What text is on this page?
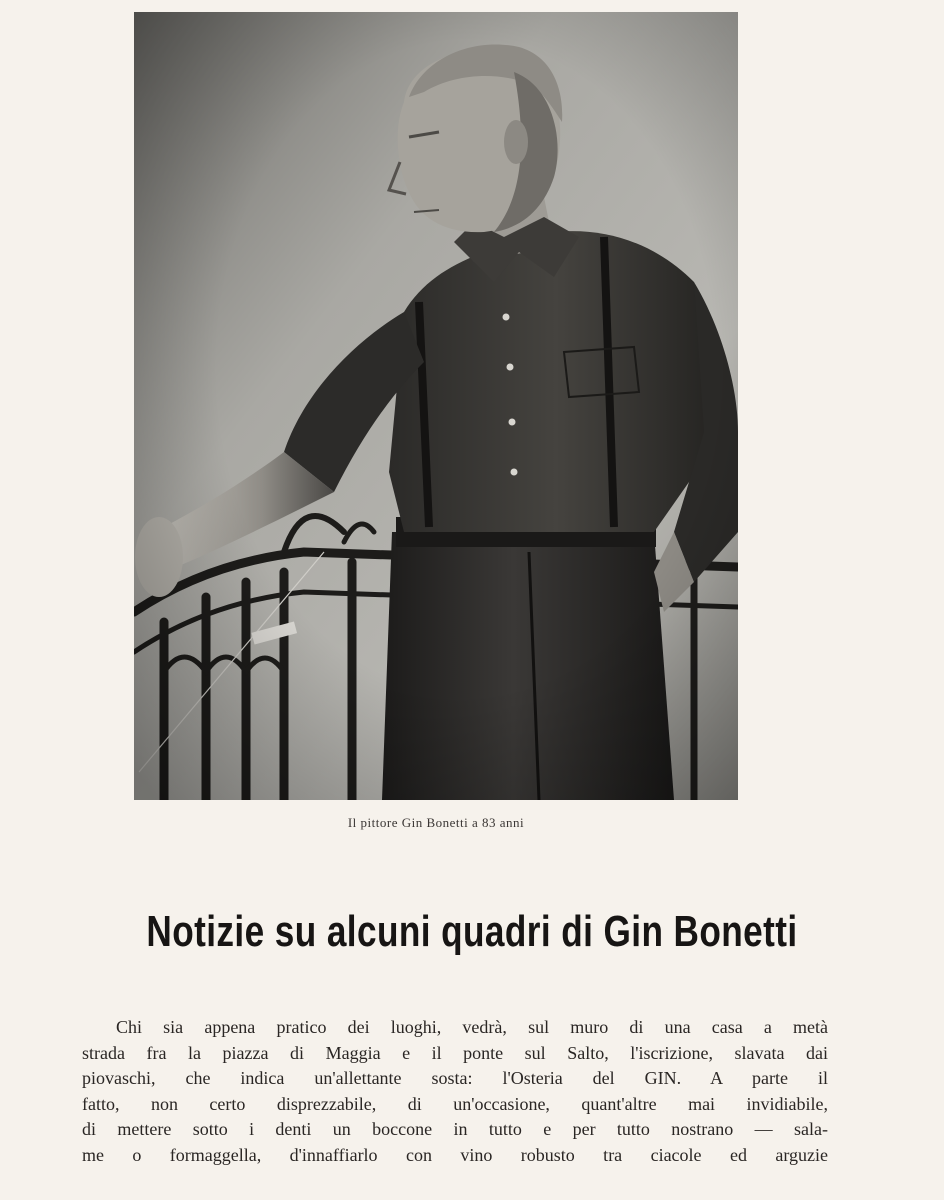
Il pittore Gin Bonetti a 83 anni
Notizie su alcuni quadri di Gin Bonetti
Chi sia appena pratico dei luoghi, vedrà, sul muro di una casa a metà
strada fra la piazza di Maggia e il ponte sul Salto, l'iscrizione, slavata dai
piovaschi, che indica un'allettante sosta: l'Osteria del GIN. A parte il
fatto, non certo disprezzabile, di un'occasione, quant'altre mai invidiabile,
di mettere sotto i denti un boccone in tutto e per tutto nostrano — sala-
me o formaggella, d'innaffiarlo con vino robusto tra ciacole ed arguzie
